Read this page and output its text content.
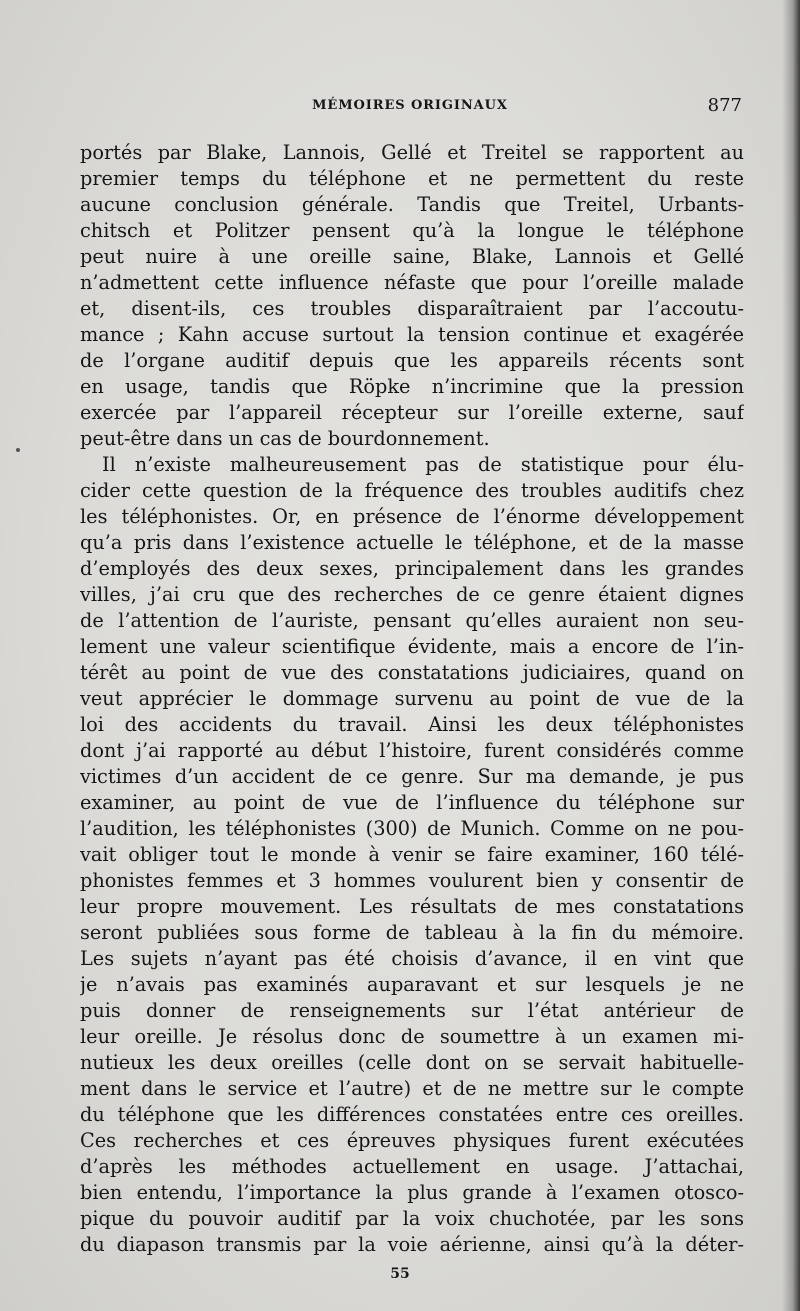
MÉMOIRES ORIGINAUX	877
portés par Blake, Lannois, Gellé et Treitel se rapportent au
premier temps du téléphone et ne permettent du reste
aucune conclusion générale. Tandis que Treitel, Urbants-
chitsch et Politzer pensent qu’à la longue le téléphone
peut nuire à une oreille saine, Blake, Lannois et Gellé
n’admettent cette influence néfaste que pour l’oreille malade
et, disent-ils, ces troubles disparaîtraient par l’accoutu-
mance ; Kahn accuse surtout la tension continue et exagérée
de l’organe auditif depuis que les appareils récents sont
en usage, tandis que Röpke n’incrimine que la pression
exercée par l’appareil récepteur sur l’oreille externe, sauf
peut-être dans un cas de bourdonnement.
Il n’existe malheureusement pas de statistique pour élu-
cider cette question de la fréquence des troubles auditifs chez
les téléphonistes. Or, en présence de l’énorme développement
qu’a pris dans l’existence actuelle le téléphone, et de la masse
d’employés des deux sexes, principalement dans les grandes
villes, j’ai cru que des recherches de ce genre étaient dignes
de l’attention de l’auriste, pensant qu’elles auraient non seu-
lement une valeur scientifique évidente, mais a encore de l’in-
térêt au point de vue des constatations judiciaires, quand on
veut apprécier le dommage survenu au point de vue de la
loi des accidents du travail. Ainsi les deux téléphonistes
dont j’ai rapporté au début l’histoire, furent considérés comme
victimes d’un accident de ce genre. Sur ma demande, je pus
examiner, au point de vue de l’influence du téléphone sur
l’audition, les téléphonistes (300) de Munich. Comme on ne pou-
vait obliger tout le monde à venir se faire examiner, 160 télé-
phonistes femmes et 3 hommes voulurent bien y consentir de
leur propre mouvement. Les résultats de mes constatations
seront publiées sous forme de tableau à la fin du mémoire.
Les sujets n’ayant pas été choisis d’avance, il en vint que
je n’avais pas examinés auparavant et sur lesquels je ne
puis donner de renseignements sur l’état antérieur de
leur oreille. Je résolus donc de soumettre à un examen mi-
nutieux les deux oreilles (celle dont on se servait habituelle-
ment dans le service et l’autre) et de ne mettre sur le compte
du téléphone que les différences constatées entre ces oreilles.
Ces recherches et ces épreuves physiques furent exécutées
d’après les méthodes actuellement en usage. J’attachai,
bien entendu, l’importance la plus grande à l’examen otosco-
pique du pouvoir auditif par la voix chuchotée, par les sons
du diapason transmis par la voie aérienne, ainsi qu’à la déter-
55
